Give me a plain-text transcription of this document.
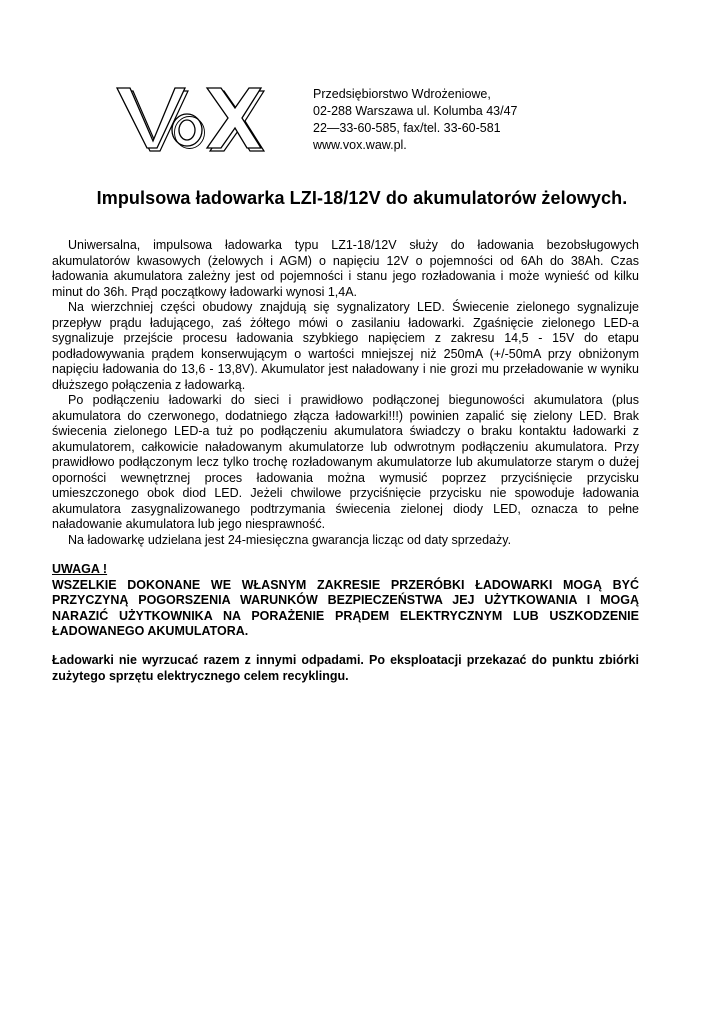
Przedsiębiorstwo Wdrożeniowe,
02-288 Warszawa ul. Kolumba 43/47
22—33-60-585, fax/tel. 33-60-581
www.vox.waw.pl.
Impulsowa ładowarka LZI-18/12V do akumulatorów żelowych.

Uniwersalna, impulsowa ładowarka typu LZ1-18/12V służy do ładowania bezobsługowych akumulatorów kwasowych (żelowych i AGM) o napięciu 12V o pojemności od 6Ah do 38Ah. Czas ładowania akumulatora zależny jest od pojemności i stanu jego rozładowania i może wynieść od kilku minut do 36h. Prąd początkowy ładowarki wynosi 1,4A.

Na wierzchniej części obudowy znajdują się sygnalizatory LED. Świecenie zielonego sygnalizuje przepływ prądu ładującego, zaś żółtego mówi o zasilaniu ładowarki. Zgaśnięcie zielonego LED-a sygnalizuje przejście procesu ładowania szybkiego napięciem z zakresu 14,5 - 15V do etapu podładowywania prądem konserwującym o wartości mniejszej niż 250mA (+/-50mA przy obniżonym napięciu ładowania do 13,6 - 13,8V). Akumulator jest naładowany i nie grozi mu przeładowanie w wyniku dłuższego połączenia z ładowarką.

Po podłączeniu ładowarki do sieci i prawidłowo podłączonej biegunowości akumulatora (plus akumulatora do czerwonego, dodatniego złącza ładowarki!!!) powinien zapalić się zielony LED. Brak świecenia zielonego LED-a tuż po podłączeniu akumulatora świadczy o braku kontaktu ładowarki z akumulatorem, całkowicie naładowanym akumulatorze lub odwrotnym podłączeniu akumulatora. Przy prawidłowo podłączonym lecz tylko trochę rozładowanym akumulatorze lub akumulatorze starym o dużej oporności wewnętrznej proces ładowania można wymusić poprzez przyciśnięcie przycisku umieszczonego obok diod LED. Jeżeli chwilowe przyciśnięcie przycisku nie spowoduje ładowania akumulatora zasygnalizowanego podtrzymania świecenia zielonej diody LED, oznacza to pełne naładowanie akumulatora lub jego niesprawność.

Na ładowarkę udzielana jest 24-miesięczna gwarancja licząc od daty sprzedaży.

UWAGA !
WSZELKIE DOKONANE WE WŁASNYM ZAKRESIE PRZERÓBKI ŁADOWARKI MOGĄ BYĆ PRZYCZYNĄ POGORSZENIA WARUNKÓW BEZPIECZEŃSTWA JEJ UŻYTKOWANIA I MOGĄ NARAZIĆ UŻYTKOWNIKA NA PORAŻENIE PRĄDEM ELEKTRYCZNYM LUB USZKODZENIE ŁADOWANEGO AKUMULATORA.
Ładowarki nie wyrzucać razem z innymi odpadami. Po eksploatacji przekazać do punktu zbiórki zużytego sprzętu elektrycznego celem recyklingu.
